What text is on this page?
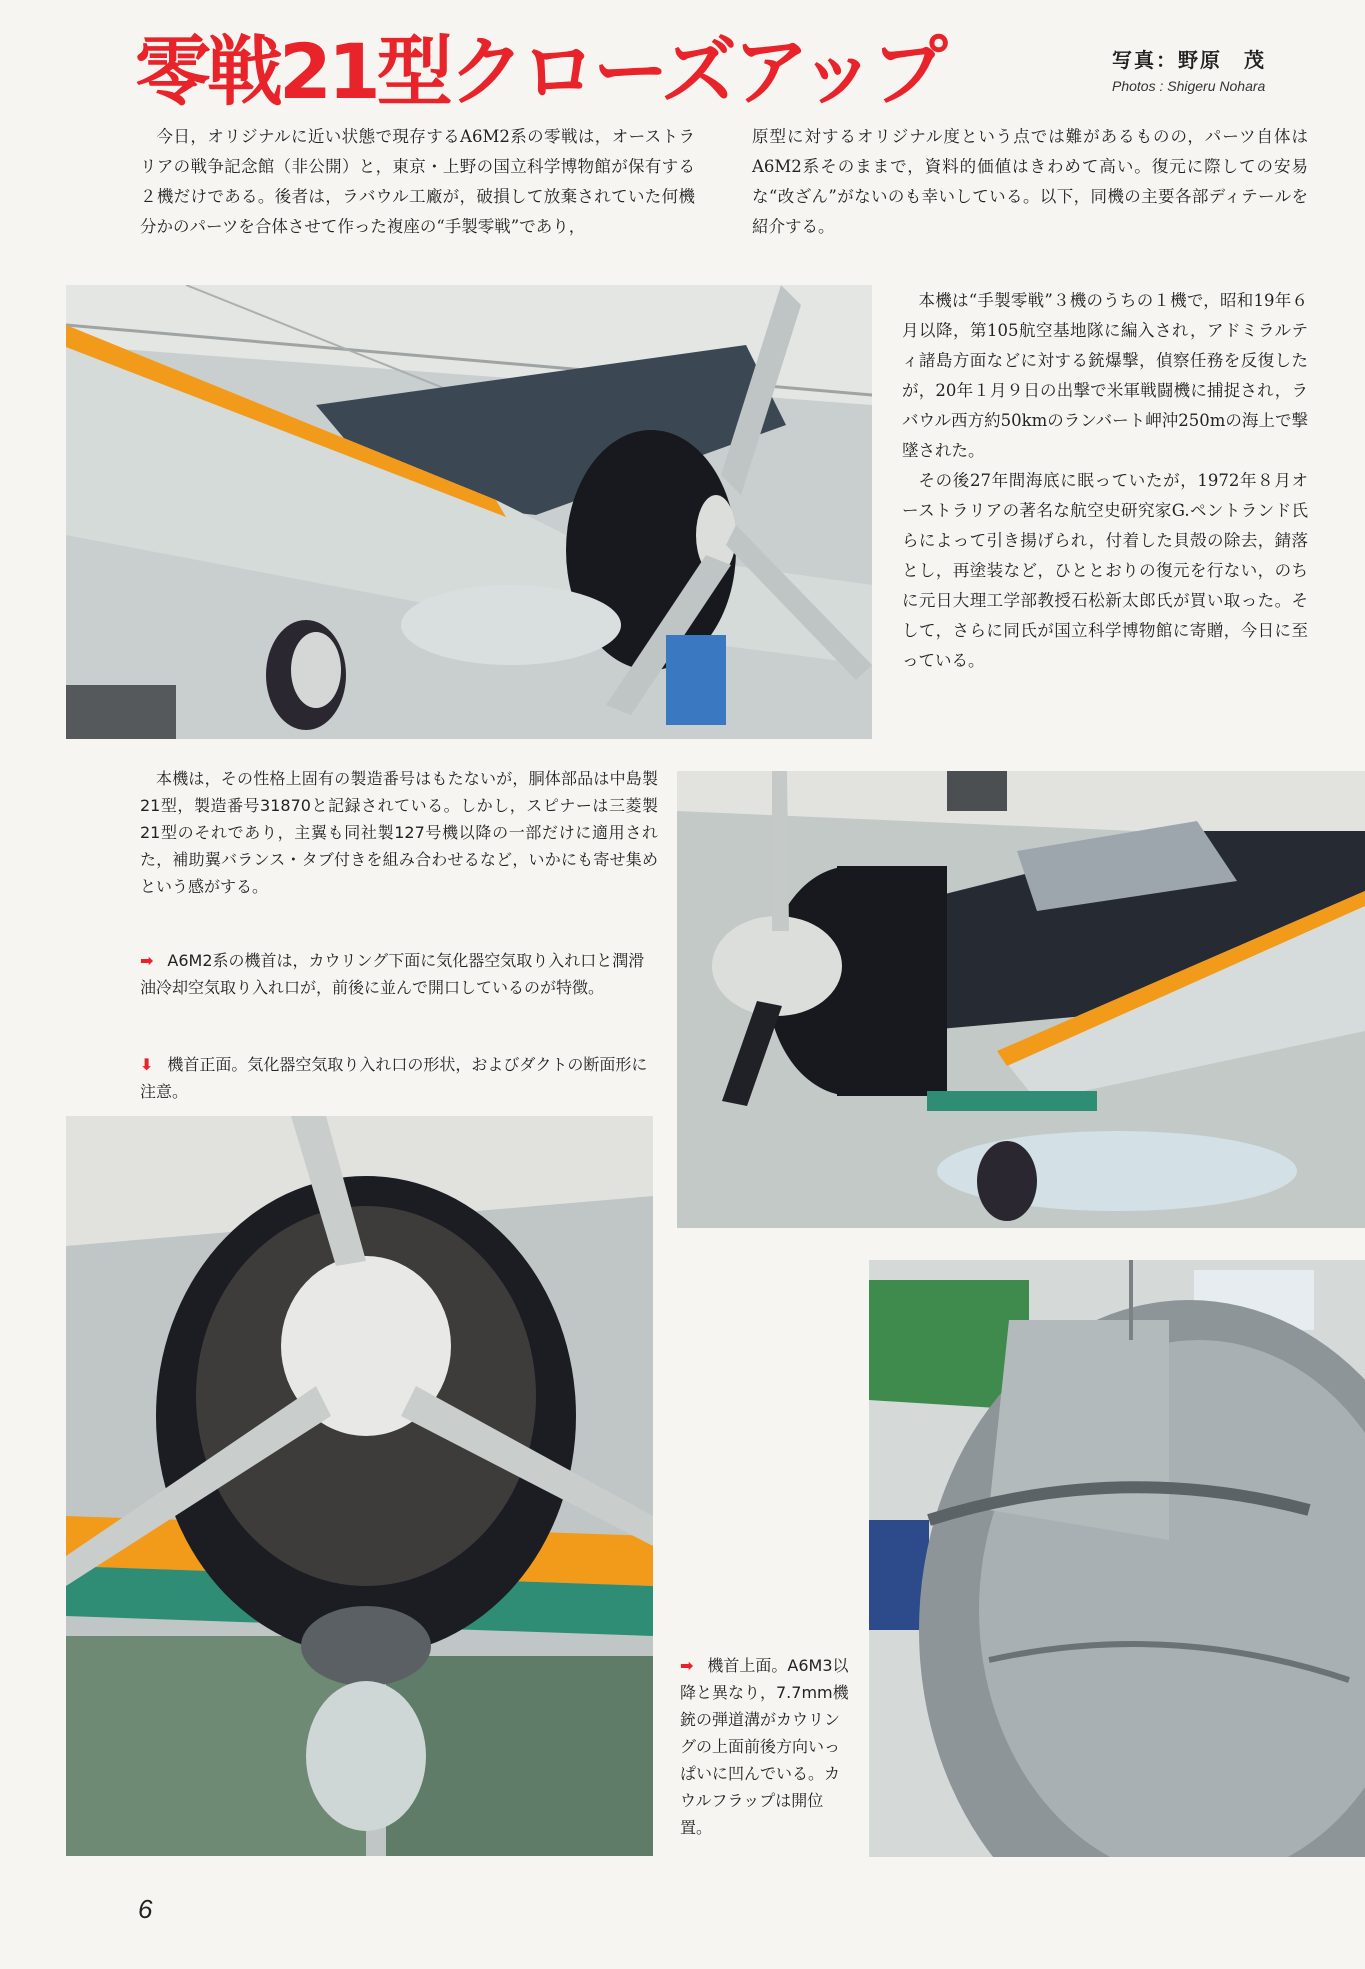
零戦21型クローズアップ	写真：野原　茂
Photos : Shigeru Nohara

今日，オリジナルに近い状態で現存するA6M2系の零戦は，オーストラリアの戦争記念館（非公開）と，東京・上野の国立科学博物館が保有する２機だけである。後者は，ラバウル工廠が，破損して放棄されていた何機分かのパーツを合体させて作った複座の“手製零戦”であり，

原型に対するオリジナル度という点では難があるものの，パーツ自体はA6M2系そのままで，資料的価値はきわめて高い。復元に際しての安易な“改ざん”がないのも幸いしている。以下，同機の主要各部ディテールを紹介する。

本機は“手製零戦”３機のうちの１機で，昭和19年６月以降，第105航空基地隊に編入され，アドミラルティ諸島方面などに対する銃爆撃，偵察任務を反復したが，20年１月９日の出撃で米軍戦闘機に捕捉され，ラバウル西方約50kmのランバート岬沖250mの海上で撃墜された。

その後27年間海底に眠っていたが，1972年８月オーストラリアの著名な航空史研究家G.ペントランド氏らによって引き揚げられ，付着した貝殻の除去，錆落とし，再塗装など，ひととおりの復元を行ない，のちに元日大理工学部教授石松新太郎氏が買い取った。そして，さらに同氏が国立科学博物館に寄贈，今日に至っている。

本機は，その性格上固有の製造番号はもたないが，胴体部品は中島製21型，製造番号31870と記録されている。しかし，スピナーは三菱製21型のそれであり，主翼も同社製127号機以降の一部だけに適用された，補助翼バランス・タブ付きを組み合わせるなど，いかにも寄せ集めという感がする。

➡ A6M2系の機首は，カウリング下面に気化器空気取り入れ口と潤滑油冷却空気取り入れ口が，前後に並んで開口しているのが特徴。

⬇ 機首正面。気化器空気取り入れ口の形状，およびダクトの断面形に注意。

➡ 機首上面。A6M3以降と異なり，7.7mm機銃の弾道溝がカウリングの上面前後方向いっぱいに凹んでいる。カウルフラップは開位置。

6
